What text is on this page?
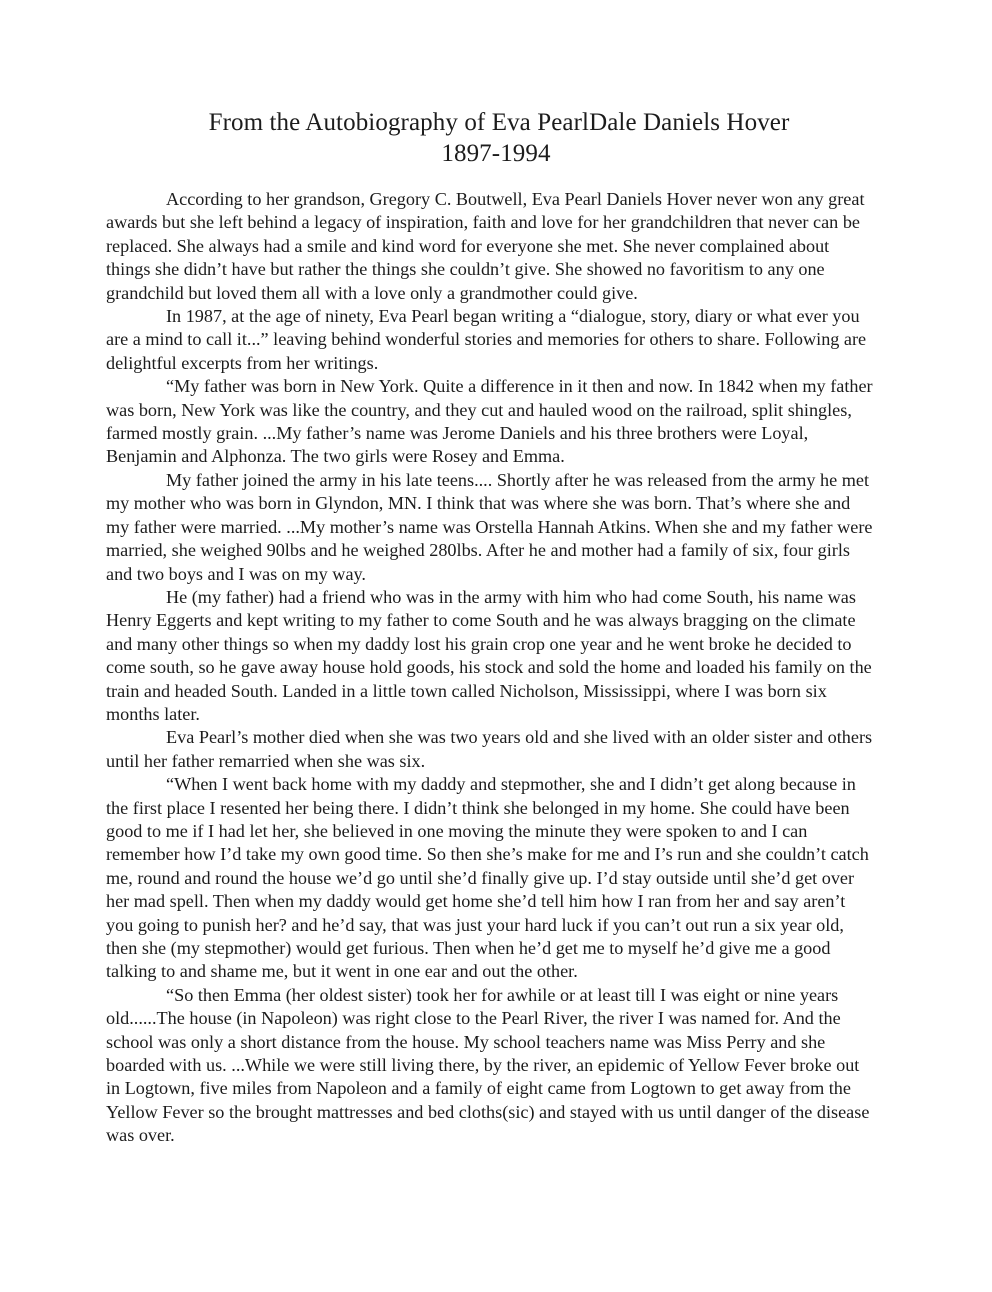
From the Autobiography of Eva PearlDale Daniels Hover
1897-1994

According to her grandson, Gregory C. Boutwell, Eva Pearl Daniels Hover never won any great awards but she left behind a legacy of inspiration, faith and love for her grandchildren that never can be replaced. She always had a smile and kind word for everyone she met. She never complained about things she didn’t have but rather the things she couldn’t give. She showed no favoritism to any one grandchild but loved them all with a love only a grandmother could give.

In 1987, at the age of ninety, Eva Pearl began writing a “dialogue, story, diary or what ever you are a mind to call it...” leaving behind wonderful stories and memories for others to share. Following are delightful excerpts from her writings.

“My father was born in New York. Quite a difference in it then and now. In 1842 when my father was born, New York was like the country, and they cut and hauled wood on the railroad, split shingles, farmed mostly grain. ...My father’s name was Jerome Daniels and his three brothers were Loyal, Benjamin and Alphonza. The two girls were Rosey and Emma.

My father joined the army in his late teens.... Shortly after he was released from the army he met my mother who was born in Glyndon, MN. I think that was where she was born. That’s where she and my father were married. ...My mother’s name was Orstella Hannah Atkins. When she and my father were married, she weighed 90lbs and he weighed 280lbs. After he and mother had a family of six, four girls and two boys and I was on my way.

He (my father) had a friend who was in the army with him who had come South, his name was Henry Eggerts and kept writing to my father to come South and he was always bragging on the climate and many other things so when my daddy lost his grain crop one year and he went broke he decided to come south, so he gave away house hold goods, his stock and sold the home and loaded his family on the train and headed South. Landed in a little town called Nicholson, Mississippi, where I was born six months later.

Eva Pearl’s mother died when she was two years old and she lived with an older sister and others until her father remarried when she was six.

“When I went back home with my daddy and stepmother, she and I didn’t get along because in the first place I resented her being there. I didn’t think she belonged in my home. She could have been good to me if I had let her, she believed in one moving the minute they were spoken to and I can remember how I’d take my own good time. So then she’s make for me and I’s run and she couldn’t catch me, round and round the house we’d go until she’d finally give up. I’d stay outside until she’d get over her mad spell. Then when my daddy would get home she’d tell him how I ran from her and say aren’t you going to punish her? and he’d say, that was just your hard luck if you can’t out run a six year old, then she (my stepmother) would get furious. Then when he’d get me to myself he’d give me a good talking to and shame me, but it went in one ear and out the other.

“So then Emma (her oldest sister) took her for awhile or at least till I was eight or nine years old......The house (in Napoleon) was right close to the Pearl River, the river I was named for. And the school was only a short distance from the house. My school teachers name was Miss Perry and she boarded with us. ...While we were still living there, by the river, an epidemic of Yellow Fever broke out in Logtown, five miles from Napoleon and a family of eight came from Logtown to get away from the Yellow Fever so the brought mattresses and bed cloths(sic) and stayed with us until danger of the disease was over.
